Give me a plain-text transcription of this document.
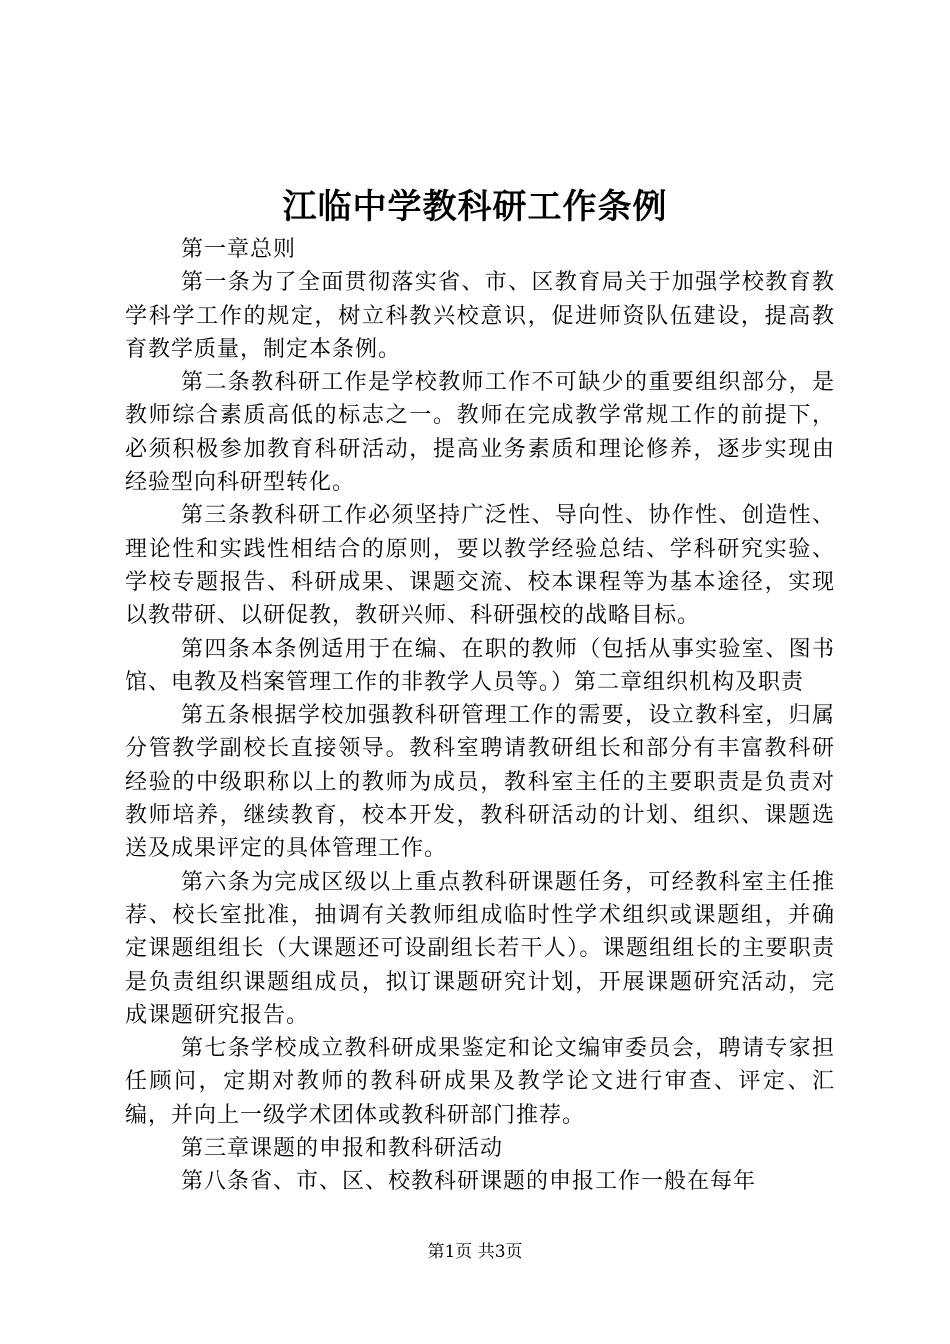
江临中学教科研工作条例

第一章总则

第一条为了全面贯彻落实省、市、区教育局关于加强学校教育教学科学工作的规定，树立科教兴校意识，促进师资队伍建设，提高教育教学质量，制定本条例。

第二条教科研工作是学校教师工作不可缺少的重要组织部分，是教师综合素质高低的标志之一。教师在完成教学常规工作的前提下，必须积极参加教育科研活动，提高业务素质和理论修养，逐步实现由经验型向科研型转化。

第三条教科研工作必须坚持广泛性、导向性、协作性、创造性、理论性和实践性相结合的原则，要以教学经验总结、学科研究实验、学校专题报告、科研成果、课题交流、校本课程等为基本途径，实现以教带研、以研促教，教研兴师、科研强校的战略目标。

第四条本条例适用于在编、在职的教师（包括从事实验室、图书馆、电教及档案管理工作的非教学人员等。）第二章组织机构及职责

第五条根据学校加强教科研管理工作的需要，设立教科室，归属分管教学副校长直接领导。教科室聘请教研组长和部分有丰富教科研经验的中级职称以上的教师为成员，教科室主任的主要职责是负责对教师培养，继续教育，校本开发，教科研活动的计划、组织、课题选送及成果评定的具体管理工作。

第六条为完成区级以上重点教科研课题任务，可经教科室主任推荐、校长室批准，抽调有关教师组成临时性学术组织或课题组，并确定课题组组长（大课题还可设副组长若干人）。课题组组长的主要职责是负责组织课题组成员，拟订课题研究计划，开展课题研究活动，完成课题研究报告。

第七条学校成立教科研成果鉴定和论文编审委员会，聘请专家担任顾问，定期对教师的教科研成果及教学论文进行审查、评定、汇编，并向上一级学术团体或教科研部门推荐。

第三章课题的申报和教科研活动

第八条省、市、区、校教科研课题的申报工作一般在每年

第1页 共3页
